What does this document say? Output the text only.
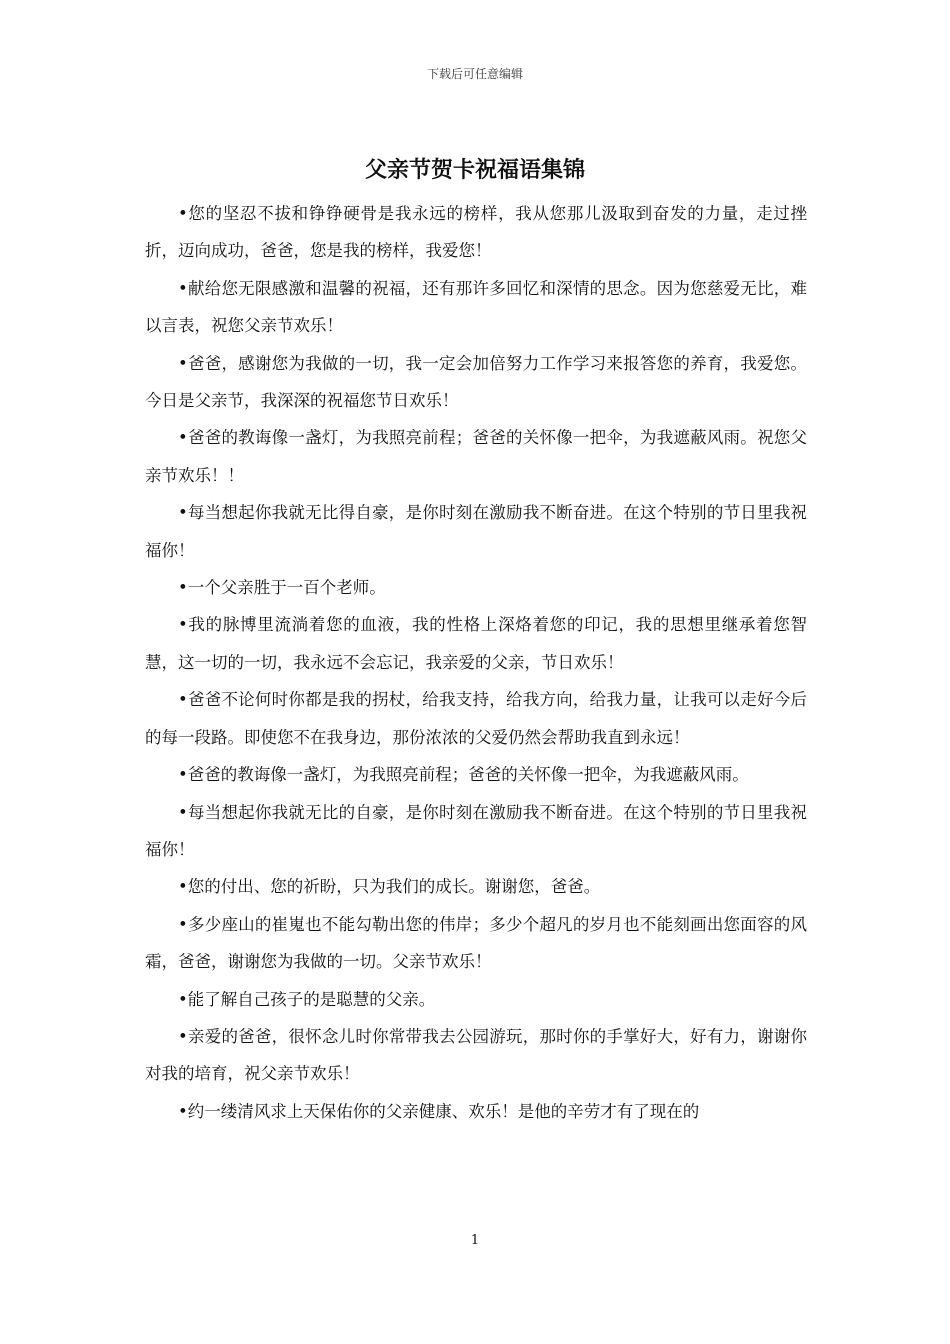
下载后可任意编辑
父亲节贺卡祝福语集锦

•您的坚忍不拔和铮铮硬骨是我永远的榜样，我从您那儿汲取到奋发的力量，走过挫折，迈向成功，爸爸，您是我的榜样，我爱您！

•献给您无限感激和温馨的祝福，还有那许多回忆和深情的思念。因为您慈爱无比，难以言表，祝您父亲节欢乐！

•爸爸，感谢您为我做的一切，我一定会加倍努力工作学习来报答您的养育，我爱您。今日是父亲节，我深深的祝福您节日欢乐！

•爸爸的教诲像一盏灯，为我照亮前程；爸爸的关怀像一把伞，为我遮蔽风雨。祝您父亲节欢乐！！

•每当想起你我就无比得自豪，是你时刻在激励我不断奋进。在这个特别的节日里我祝福你！

•一个父亲胜于一百个老师。

•我的脉博里流淌着您的血液，我的性格上深烙着您的印记，我的思想里继承着您智慧，这一切的一切，我永远不会忘记，我亲爱的父亲，节日欢乐！

•爸爸不论何时你都是我的拐杖，给我支持，给我方向，给我力量，让我可以走好今后的每一段路。即使您不在我身边，那份浓浓的父爱仍然会帮助我直到永远！

•爸爸的教诲像一盏灯，为我照亮前程；爸爸的关怀像一把伞，为我遮蔽风雨。

•每当想起你我就无比的自豪，是你时刻在激励我不断奋进。在这个特别的节日里我祝福你！

•您的付出、您的祈盼，只为我们的成长。谢谢您，爸爸。

•多少座山的崔嵬也不能勾勒出您的伟岸；多少个超凡的岁月也不能刻画出您面容的风霜，爸爸，谢谢您为我做的一切。父亲节欢乐！

•能了解自己孩子的是聪慧的父亲。

•亲爱的爸爸，很怀念儿时你常带我去公园游玩，那时你的手掌好大，好有力，谢谢你对我的培育，祝父亲节欢乐！

•约一缕清风求上天保佑你的父亲健康、欢乐！是他的辛劳才有了现在的

1
